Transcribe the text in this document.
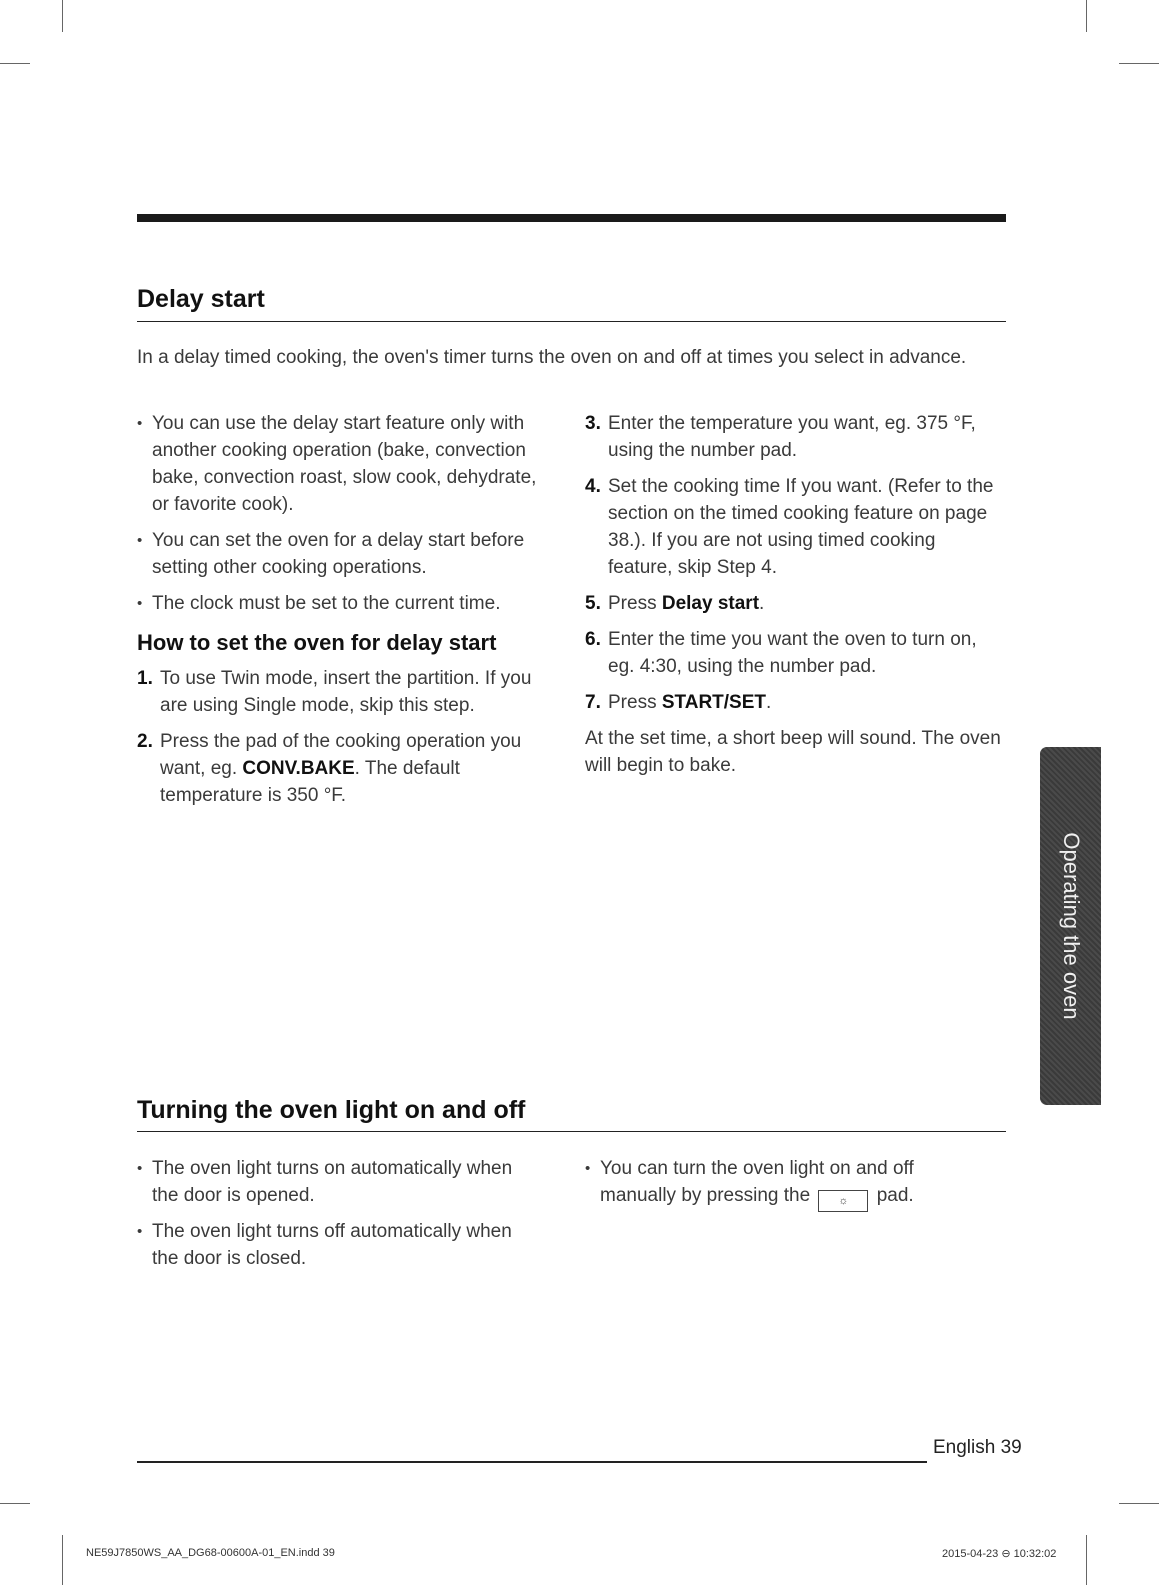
Delay start

In a delay timed cooking, the oven's timer turns the oven on and off at times you select in advance.

• You can use the delay start feature only with another cooking operation (bake, convection bake, convection roast, slow cook, dehydrate, or favorite cook).

• You can set the oven for a delay start before setting other cooking operations.

• The clock must be set to the current time.

How to set the oven for delay start

1. To use Twin mode, insert the partition. If you are using Single mode, skip this step.

2. Press the pad of the cooking operation you want, eg. CONV.BAKE. The default temperature is 350 °F.

3. Enter the temperature you want, eg. 375 °F, using the number pad.

4. Set the cooking time If you want. (Refer to the section on the timed cooking feature on page 38.). If you are not using timed cooking feature, skip Step 4.

5. Press Delay start.

6. Enter the time you want the oven to turn on, eg. 4:30, using the number pad.

7. Press START/SET.

At the set time, a short beep will sound. The oven will begin to bake.

Operating the oven
Turning the oven light on and off

• The oven light turns on automatically when the door is opened.

• The oven light turns off automatically when the door is closed.

• You can turn the oven light on and off manually by pressing the ☼ pad.

English 39
NE59J7850WS_AA_DG68-00600A-01_EN.indd 39	2015-04-23 ⊖ 10:32:02
